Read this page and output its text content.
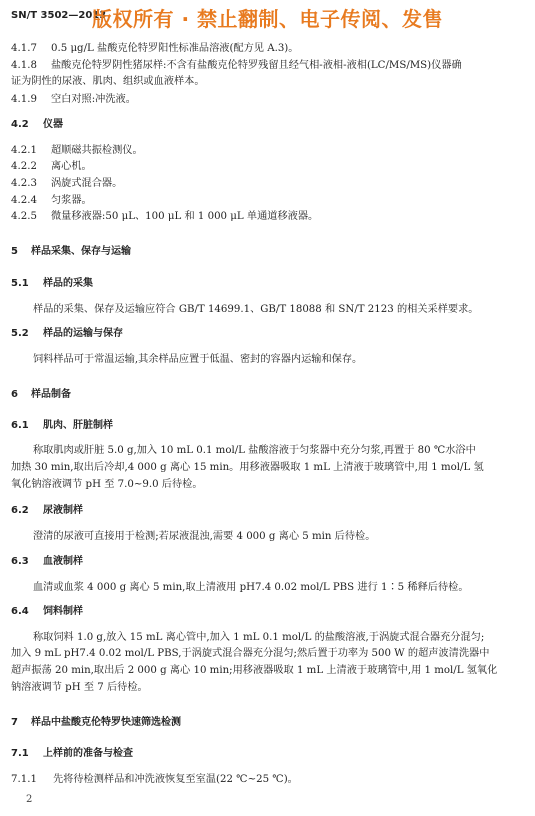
SN/T 3502—2013
版权所有 · 禁止翻制、电子传阅、发售
4.1.7 0.5 μg/L 盐酸克伦特罗阳性标准品溶液(配方见 A.3)。
4.1.8 盐酸克伦特罗阴性猪尿样:不含有盐酸克伦特罗残留且经气相-液相-液相(LC/MS/MS)仪器确
证为阴性的尿液、肌肉、组织或血液样本。
4.1.9 空白对照:冲洗液。
4.2 仪器
4.2.1 超顺磁共振检测仪。
4.2.2 离心机。
4.2.3 涡旋式混合器。
4.2.4 匀浆器。
4.2.5 微量移液器:50 μL、100 μL 和 1 000 μL 单通道移液器。
5 样品采集、保存与运输
5.1 样品的采集
样品的采集、保存及运输应符合 GB/T 14699.1、GB/T 18088 和 SN/T 2123 的相关采样要求。
5.2 样品的运输与保存
饲料样品可于常温运输,其余样品应置于低温、密封的容器内运输和保存。
6 样品制备
6.1 肌肉、肝脏制样
称取肌肉或肝脏 5.0 g,加入 10 mL 0.1 mol/L 盐酸溶液于匀浆器中充分匀浆,再置于 80 ℃水浴中
加热 30 min,取出后冷却,4 000 g 离心 15 min。用移液器吸取 1 mL 上清液于玻璃管中,用 1 mol/L 氢
氧化钠溶液调节 pH 至 7.0~9.0 后待检。
6.2 尿液制样
澄清的尿液可直接用于检测;若尿液混浊,需要 4 000 g 离心 5 min 后待检。
6.3 血液制样
血清或血浆 4 000 g 离心 5 min,取上清液用 pH7.4 0.02 mol/L PBS 进行 1∶5 稀释后待检。
6.4 饲料制样
称取饲料 1.0 g,放入 15 mL 离心管中,加入 1 mL 0.1 mol/L 的盐酸溶液,于涡旋式混合器充分混匀;
加入 9 mL pH7.4 0.02 mol/L PBS,于涡旋式混合器充分混匀;然后置于功率为 500 W 的超声波清洗器中
超声振荡 20 min,取出后 2 000 g 离心 10 min;用移液器吸取 1 mL 上清液于玻璃管中,用 1 mol/L 氢氧化
钠溶液调节 pH 至 7 后待检。
7 样品中盐酸克伦特罗快速筛选检测
7.1 上样前的准备与检查
7.1.1 先将待检测样品和冲洗液恢复至室温(22 ℃~25 ℃)。
2
